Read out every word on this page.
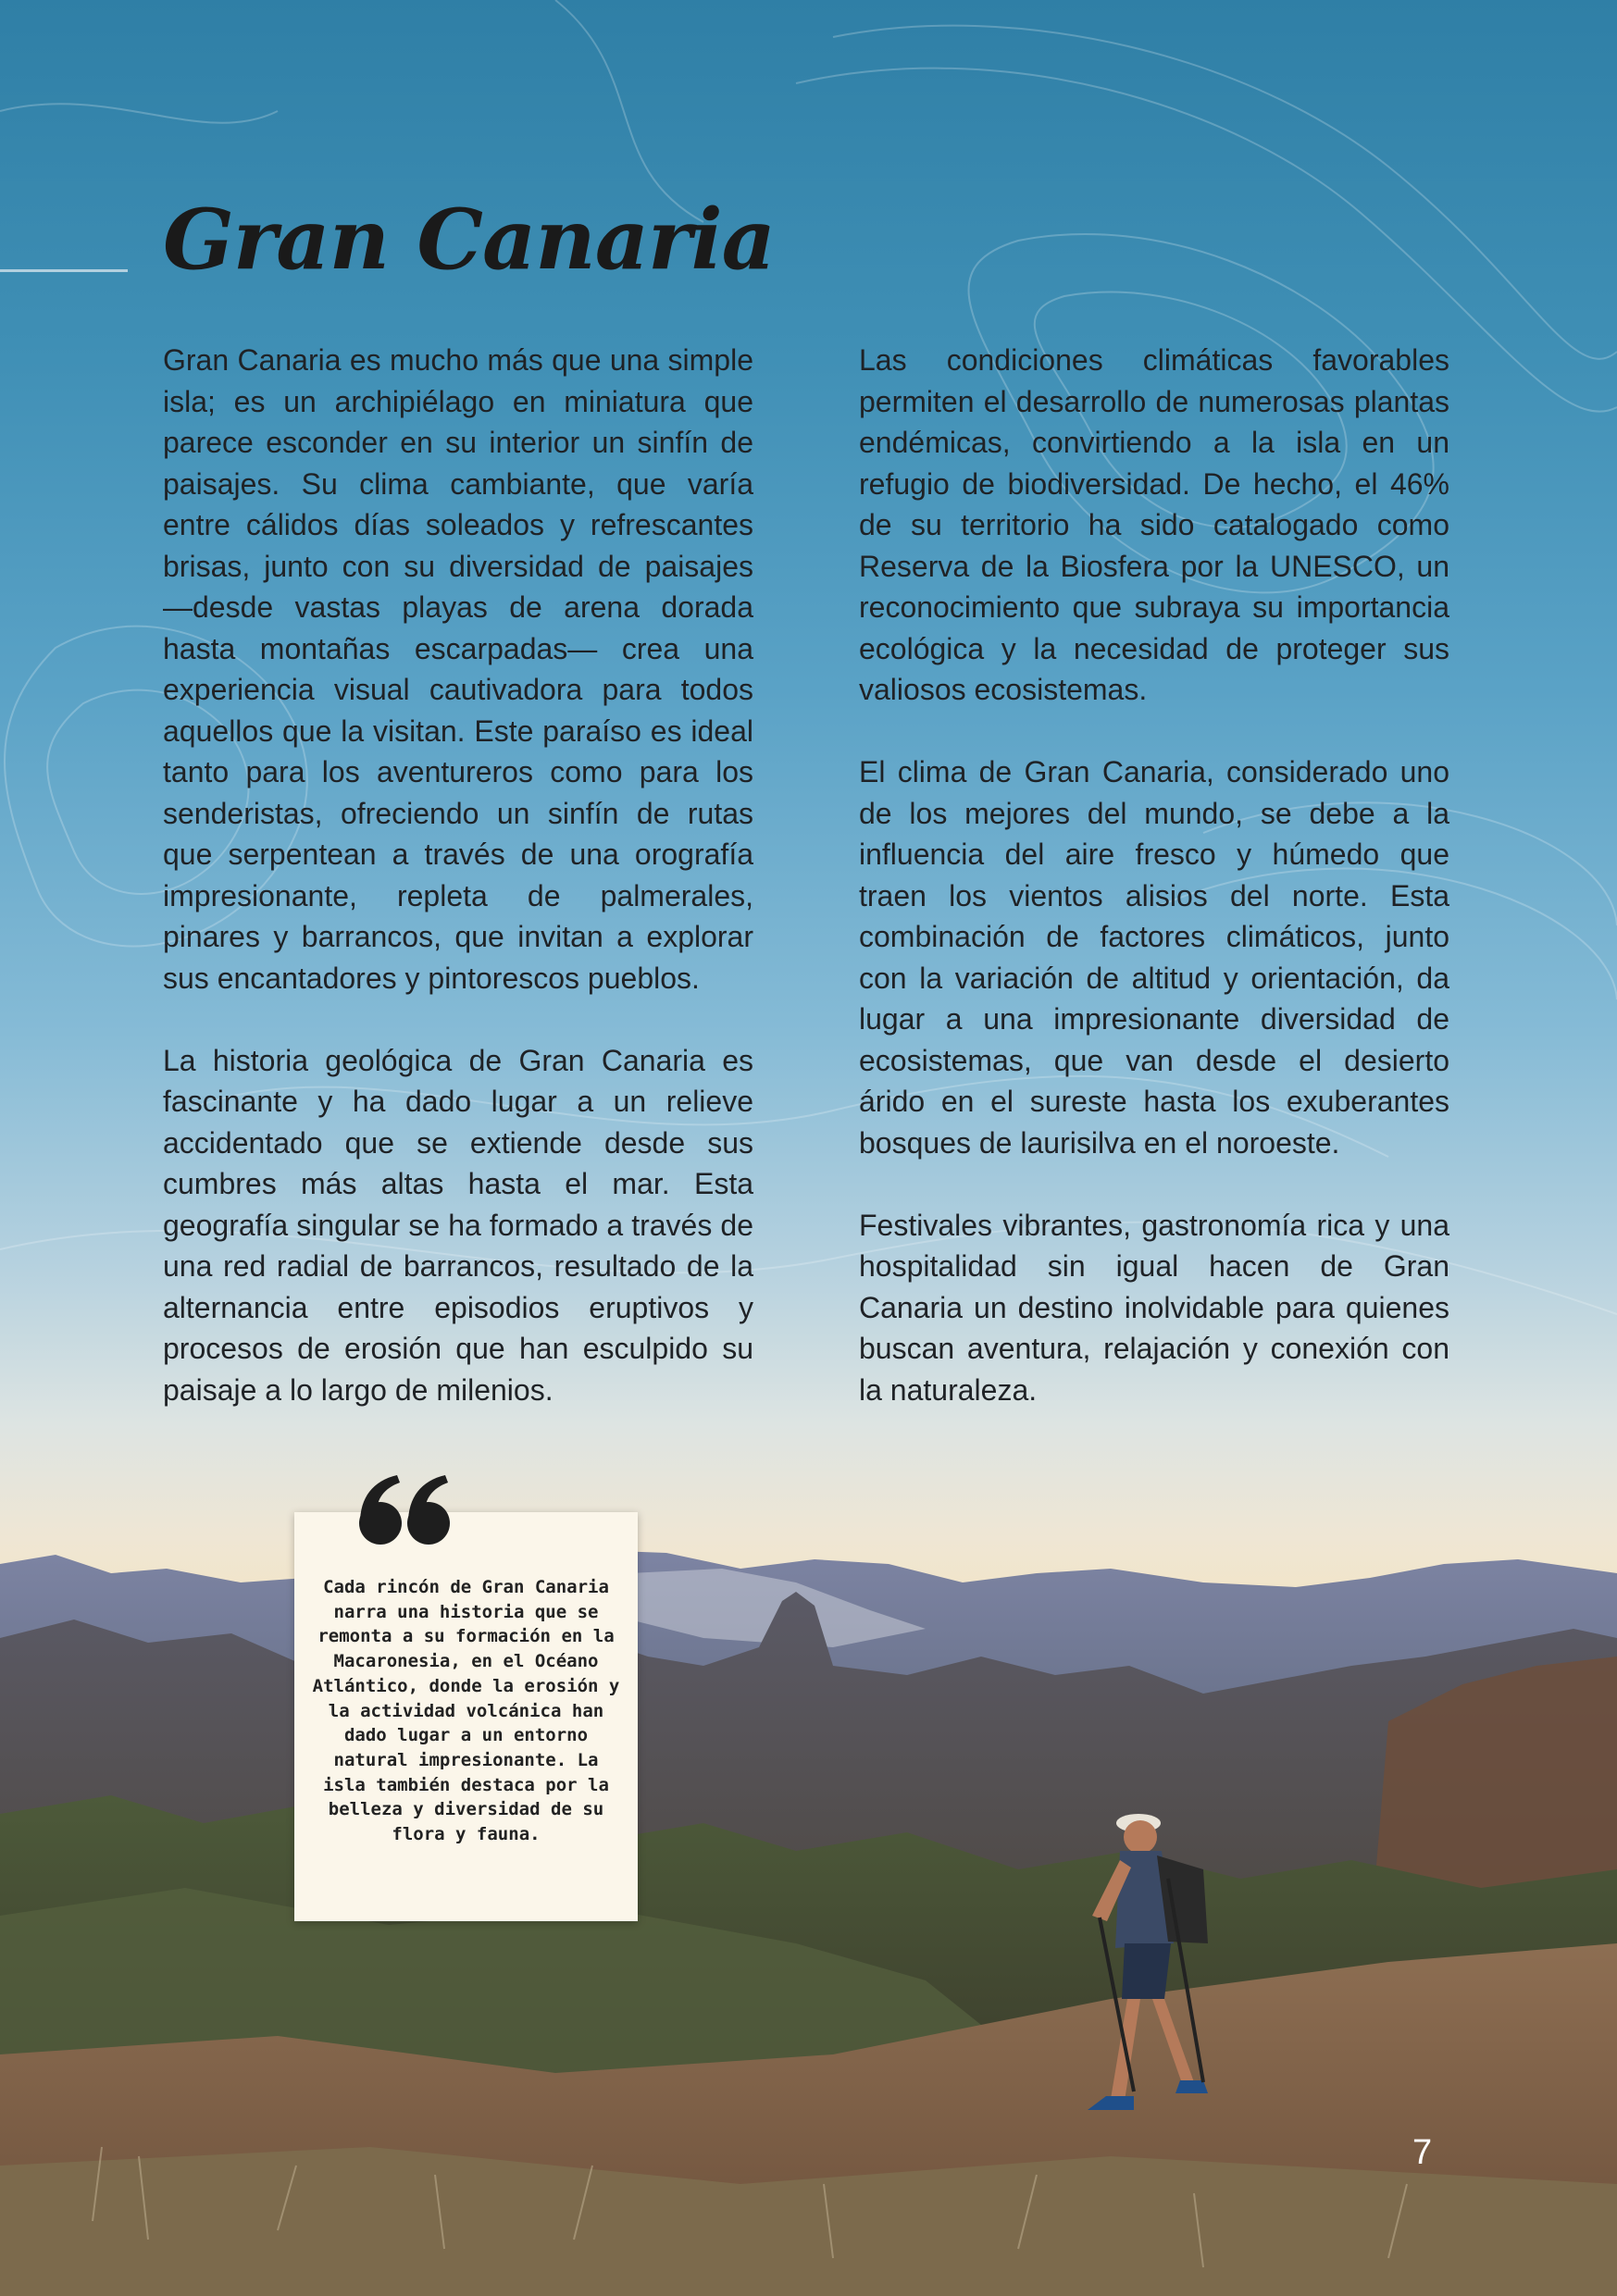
Gran Canaria

Gran Canaria es mucho más que una simple isla; es un archipiélago en miniatura que parece esconder en su interior un sinfín de paisajes. Su clima cambiante, que varía entre cálidos días soleados y refrescantes brisas, junto con su diversidad de paisajes —desde vastas playas de arena dorada hasta montañas escarpadas— crea una experiencia visual cautivadora para todos aquellos que la visitan. Este paraíso es ideal tanto para los aventureros como para los senderistas, ofreciendo un sinfín de rutas que serpentean a través de una orografía impresionante, repleta de palmerales, pinares y barrancos, que invitan a explorar sus encantadores y pintorescos pueblos.

La historia geológica de Gran Canaria es fascinante y ha dado lugar a un relieve accidentado que se extiende desde sus cumbres más altas hasta el mar. Esta geografía singular se ha formado a través de una red radial de barrancos, resultado de la alternancia entre episodios eruptivos y procesos de erosión que han esculpido su paisaje a lo largo de milenios.

Las condiciones climáticas favorables permiten el desarrollo de numerosas plantas endémicas, convirtiendo a la isla en un refugio de biodiversidad. De hecho, el 46% de su territorio ha sido catalogado como Reserva de la Biosfera por la UNESCO, un reconocimiento que subraya su importancia ecológica y la necesidad de proteger sus valiosos ecosistemas.

El clima de Gran Canaria, considerado uno de los mejores del mundo, se debe a la influencia del aire fresco y húmedo que traen los vientos alisios del norte. Esta combinación de factores climáticos, junto con la variación de altitud y orientación, da lugar a una impresionante diversidad de ecosistemas, que van desde el desierto árido en el sureste hasta los exuberantes bosques de laurisilva en el noroeste.

Festivales vibrantes, gastronomía rica y una hospitalidad sin igual hacen de Gran Canaria un destino inolvidable para quienes buscan aventura, relajación y conexión con la naturaleza.

Cada rincón de Gran Canaria narra una historia que se remonta a su formación en la Macaronesia, en el Océano Atlántico, donde la erosión y la actividad volcánica han dado lugar a un entorno natural impresionante. La isla también destaca por la belleza y diversidad de su flora y fauna.

7
